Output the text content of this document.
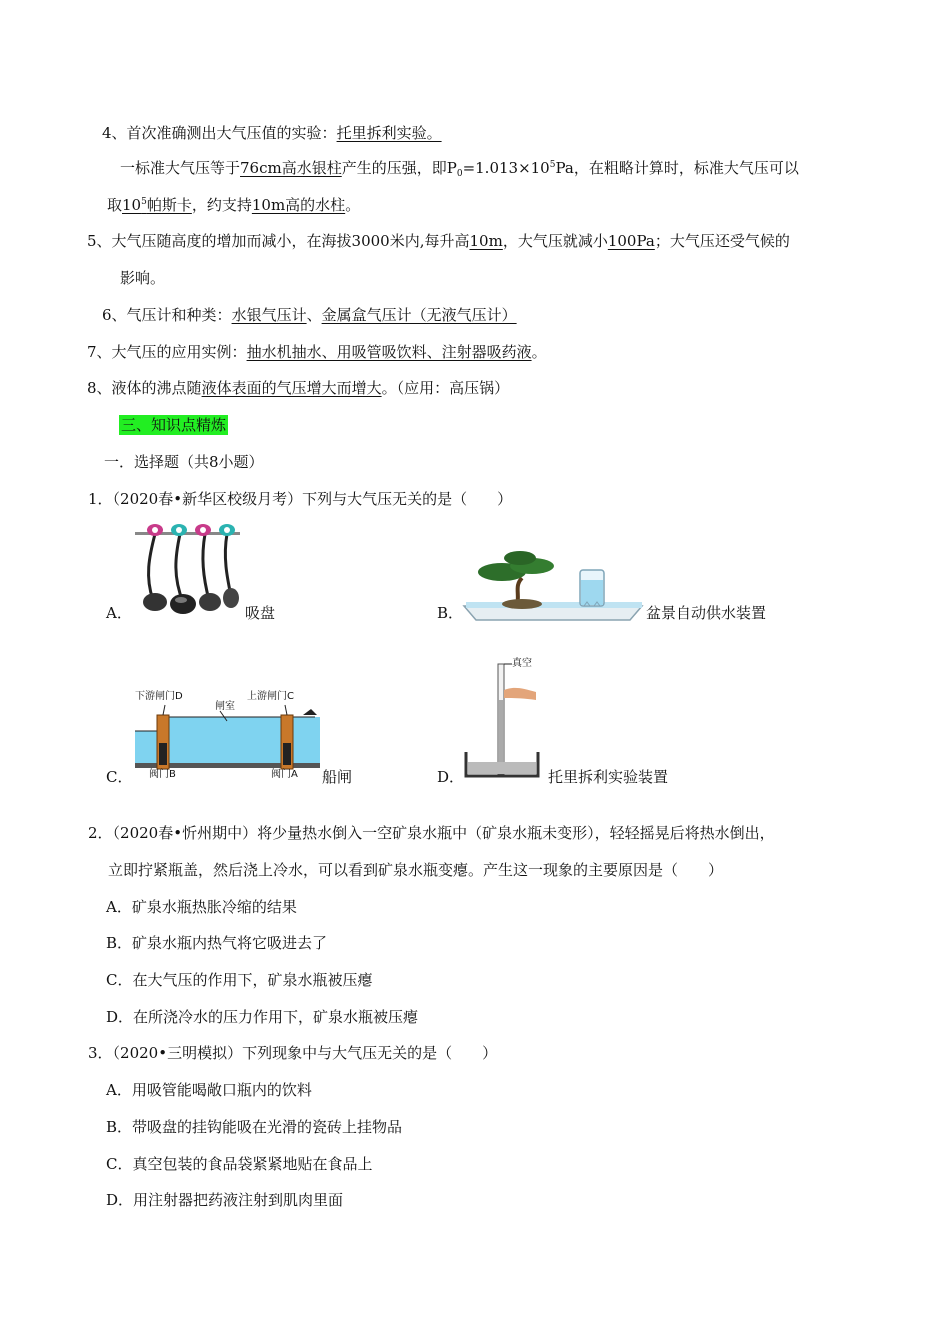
4、首次准确测出大气压值的实验：托里拆利实验。
一标准大气压等于76cm高水银柱产生的压强，即$P_0=1.013\times 10^5Pa$，在粗略计算时，标准大气压可以
取$10^5$帕斯卡，约支持10m高的水柱。
5、大气压随高度的增加而减小，在海拔3000米内,每升高10m，大气压就减小100Pa；大气压还受气候的
影响。
6、气压计和种类：水银气压计、金属盒气压计（无液气压计）
7、大气压的应用实例：抽水机抽水、用吸管吸饮料、注射器吸药液。
8、液体的沸点随液体表面的气压增大而增大。（应用：高压锅）
三、知识点精炼
一．选择题（共8小题）
1．（2020春•新华区校级月考）下列与大气压无关的是（　　）
A．	吸盘	B．	盆景自动供水装置
C．
下游闸门D	上游闸门C
闸室
阀门B	阀门A 船闸	D．
真空
托里拆利实验装置
2．（2020春•忻州期中）将少量热水倒入一空矿泉水瓶中（矿泉水瓶未变形），轻轻摇晃后将热水倒出，
立即拧紧瓶盖，然后浇上冷水，可以看到矿泉水瓶变瘪。产生这一现象的主要原因是（　　）
A．矿泉水瓶热胀冷缩的结果
B．矿泉水瓶内热气将它吸进去了
C．在大气压的作用下，矿泉水瓶被压瘪
D．在所浇冷水的压力作用下，矿泉水瓶被压瘪
3．（2020•三明模拟）下列现象中与大气压无关的是（　　）
A．用吸管能喝敞口瓶内的饮料
B．带吸盘的挂钩能吸在光滑的瓷砖上挂物品
C．真空包装的食品袋紧紧地贴在食品上
D．用注射器把药液注射到肌肉里面
